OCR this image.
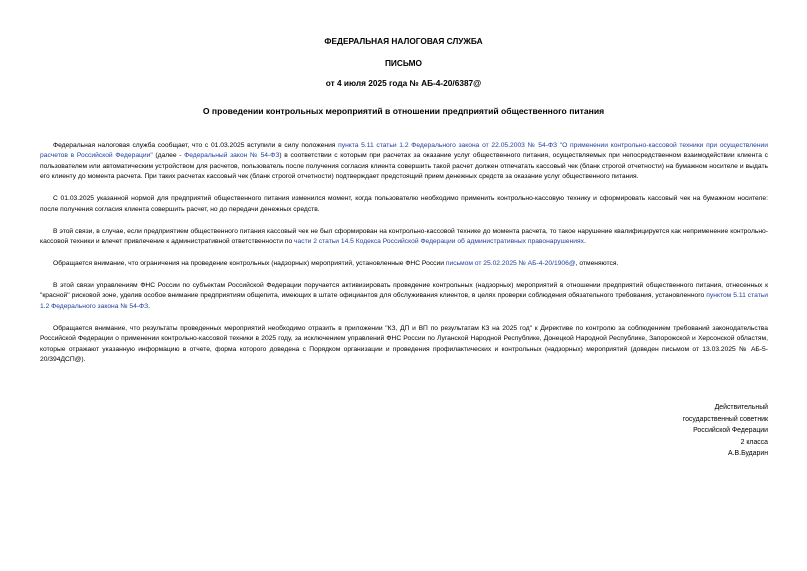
ФЕДЕРАЛЬНАЯ НАЛОГОВАЯ СЛУЖБА
ПИСЬМО
от 4 июля 2025 года № АБ-4-20/6387@
О проведении контрольных мероприятий в отношении предприятий общественного питания

Федеральная налоговая служба сообщает, что с 01.03.2025 вступили в силу положения пункта 5.11 статьи 1.2 Федерального закона от 22.05.2003 № 54-ФЗ "О применении контрольно-кассовой техники при осуществлении расчетов в Российской Федерации" (далее - Федеральный закон № 54-ФЗ) в соответствии с которым при расчетах за оказание услуг общественного питания, осуществляемых при непосредственном взаимодействии клиента с пользователем или автоматическим устройством для расчетов, пользователь после получения согласия клиента совершить такой расчет должен отпечатать кассовый чек (бланк строгой отчетности) на бумажном носителе и выдать его клиенту до момента расчета. При таких расчетах кассовый чек (бланк строгой отчетности) подтверждает предстоящий прием денежных средств за оказание услуг общественного питания.

С 01.03.2025 указанной нормой для предприятий общественного питания изменился момент, когда пользователю необходимо применить контрольно-кассовую технику и сформировать кассовый чек на бумажном носителе: после получения согласия клиента совершить расчет, но до передачи денежных средств.

В этой связи, в случае, если предприятием общественного питания кассовый чек не был сформирован на контрольно-кассовой технике до момента расчета, то такое нарушение квалифицируется как неприменение контрольно-кассовой техники и влечет привлечение к административной ответственности по части 2 статьи 14.5 Кодекса Российской Федерации об административных правонарушениях.

Обращается внимание, что ограничения на проведение контрольных (надзорных) мероприятий, установленные ФНС России письмом от 25.02.2025 № АБ-4-20/1906@, отменяются.

В этой связи управлениям ФНС России по субъектам Российской Федерации поручается активизировать проведение контрольных (надзорных) мероприятий в отношении предприятий общественного питания, отнесенных к "красной" рисковой зоне, уделив особое внимание предприятиям общепита, имеющих в штате официантов для обслуживания клиентов, в целях проверки соблюдения обязательного требования, установленного пунктом 5.11 статьи 1.2 Федерального закона № 54-ФЗ.

Обращается внимание, что результаты проведенных мероприятий необходимо отразить в приложении "КЗ, ДП и ВП по результатам КЗ на 2025 год" к Директиве по контролю за соблюдением требований законодательства Российской Федерации о применении контрольно-кассовой техники в 2025 году, за исключением управлений ФНС России по Луганской Народной Республике, Донецкой Народной Республике, Запорожской и Херсонской областям, которые отражают указанную информацию в отчете, форма которого доведена с Порядком организации и проведения профилактических и контрольных (надзорных) мероприятий (доведен письмом от 13.03.2025 № АБ-5-20/394ДСП@).

Действительный
государственный советник
Российской Федерации
2 класса
А.В.Бударин
